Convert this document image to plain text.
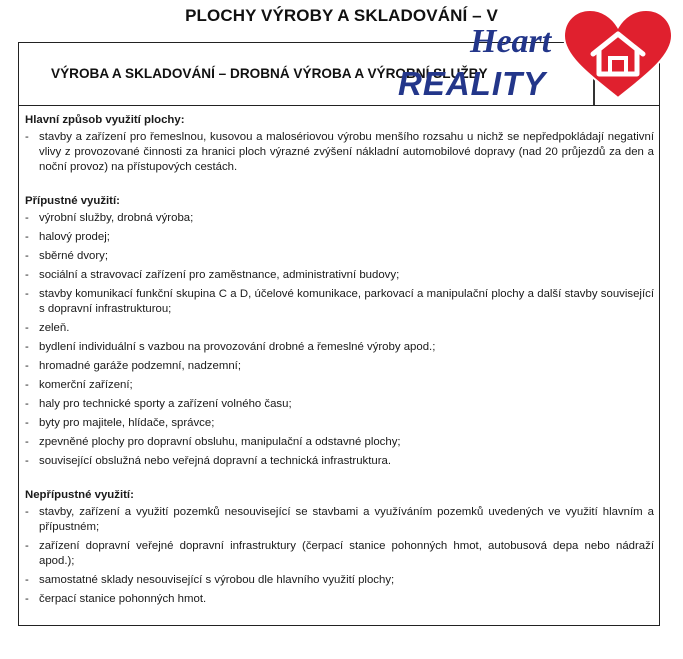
PLOCHY VÝROBY A SKLADOVÁNÍ – V
VÝROBA A SKLADOVÁNÍ – DROBNÁ VÝROBA A VÝROBNÍ SLUŽBY
Hlavní způsob využití plochy:
- stavby a zařízení pro řemeslnou, kusovou a malosériovou výrobu menšího rozsahu u nichž se nepředpokládají negativní vlivy z provozované činnosti za hranici ploch výrazné zvýšení nákladní automobilové dopravy (nad 20 průjezdů za den a noční provoz) na přístupových cestách.
Přípustné využití:
- výrobní služby, drobná výroba;
- halový prodej;
- sběrné dvory;
- sociální a stravovací zařízení pro zaměstnance, administrativní budovy;
- stavby komunikací funkční skupina C a D, účelové komunikace, parkovací a manipulační plochy a další stavby související s dopravní infrastrukturou;
- zeleň.
- bydlení individuální s vazbou na provozování drobné a řemeslné výroby apod.;
- hromadné garáže podzemní, nadzemní;
- komerční zařízení;
- haly pro technické sporty a zařízení volného času;
- byty pro majitele, hlídače, správce;
- zpevněné plochy pro dopravní obsluhu, manipulační a odstavné plochy;
- související obslužná nebo veřejná dopravní a technická infrastruktura.
Nepřípustné využití:
- stavby, zařízení a využití pozemků nesouvisející se stavbami a využíváním pozemků uvedených ve využití hlavním a přípustném;
- zařízení dopravní veřejné dopravní infrastruktury (čerpací stanice pohonných hmot, autobusová depa nebo nádraží apod.);
- samostatné sklady nesouvisející s výrobou dle hlavního využití plochy;
- čerpací stanice pohonných hmot.
Heart
REALITY
